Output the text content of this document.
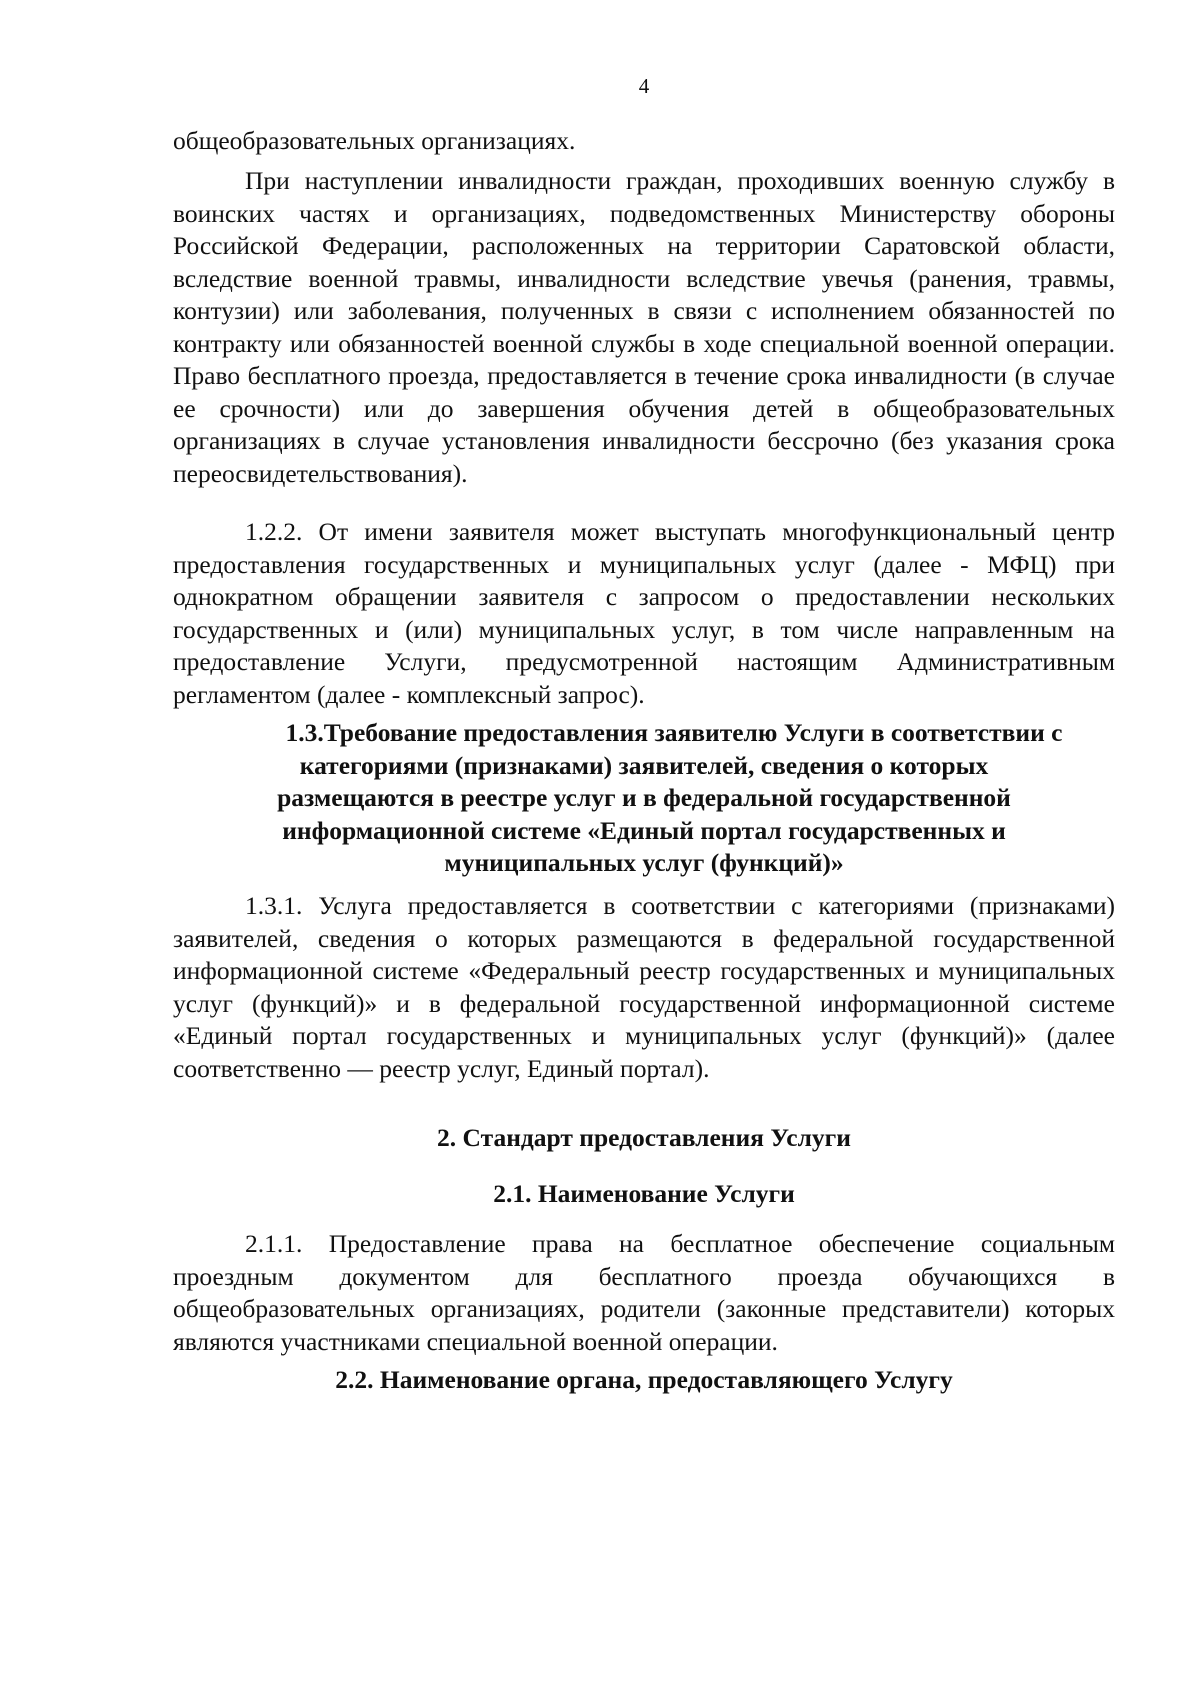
4

общеобразовательных организациях.

При наступлении инвалидности граждан, проходивших военную службу в воинских частях и организациях, подведомственных Министерству обороны Российской Федерации, расположенных на территории Саратовской области, вследствие военной травмы, инвалидности вследствие увечья (ранения, травмы, контузии) или заболевания, полученных в связи с исполнением обязанностей по контракту или обязанностей военной службы в ходе специальной военной операции. Право бесплатного проезда, предоставляется в течение срока инвалидности (в случае ее срочности) или до завершения обучения детей в общеобразовательных организациях в случае установления инвалидности бессрочно (без указания срока переосвидетельствования).

1.2.2. От имени заявителя может выступать многофункциональный центр предоставления государственных и муниципальных услуг (далее - МФЦ) при однократном обращении заявителя с запросом о предоставлении нескольких государственных и (или) муниципальных услуг, в том числе направленным на предоставление Услуги, предусмотренной настоящим Административным регламентом (далее - комплексный запрос).

1.3.Требование предоставления заявителю Услуги в соответствии с
категориями (признаками) заявителей, сведения о которых
размещаются в реестре услуг и в федеральной государственной
информационной системе «Единый портал государственных и
муниципальных услуг (функций)»

1.3.1. Услуга предоставляется в соответствии с категориями (признаками) заявителей, сведения о которых размещаются в федеральной государственной информационной системе «Федеральный реестр государственных и муниципальных услуг (функций)» и в федеральной государственной информационной системе «Единый портал государственных и муниципальных услуг (функций)» (далее соответственно — реестр услуг, Единый портал).

2. Стандарт предоставления Услуги

2.1. Наименование Услуги

2.1.1. Предоставление права на бесплатное обеспечение социальным проездным документом для бесплатного проезда обучающихся в общеобразовательных организациях, родители (законные представители) которых являются участниками специальной военной операции.

2.2. Наименование органа, предоставляющего Услугу
